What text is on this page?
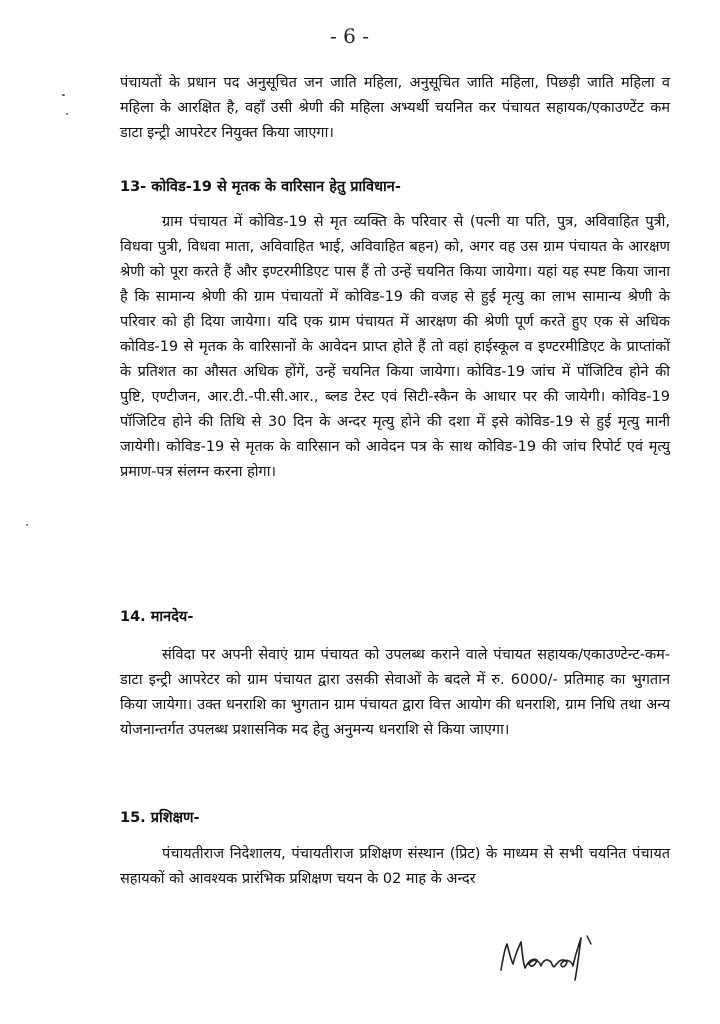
- 6 -

पंचायतों के प्रधान पद अनुसूचित जन जाति महिला, अनुसूचित जाति महिला, पिछड़ी जाति महिला व महिला के आरक्षित है, वहाँ उसी श्रेणी की महिला अभ्यर्थी चयनित कर पंचायत सहायक/एकाउण्टेंट कम डाटा इन्ट्री आपरेटर नियुक्त किया जाएगा।

13- कोविड-19 से मृतक के वारिसान हेतु प्राविधान-

ग्राम पंचायत में कोविड-19 से मृत व्यक्ति के परिवार से (पत्नी या पति, पुत्र, अविवाहित पुत्री, विधवा पुत्री, विधवा माता, अविवाहित भाई, अविवाहित बहन) को, अगर वह उस ग्राम पंचायत के आरक्षण श्रेणी को पूरा करते हैं और इण्टरमीडिएट पास हैं तो उन्हें चयनित किया जायेगा। यहां यह स्पष्ट किया जाना है कि सामान्य श्रेणी की ग्राम पंचायतों में कोविड-19 की वजह से हुई मृत्यु का लाभ सामान्य श्रेणी के परिवार को ही दिया जायेगा। यदि एक ग्राम पंचायत में आरक्षण की श्रेणी पूर्ण करते हुए एक से अधिक कोविड-19 से मृतक के वारिसानों के आवेदन प्राप्त होते हैं तो वहां हाईस्कूल व इण्टरमीडिएट के प्राप्तांकों के प्रतिशत का औसत अधिक होंगें, उन्हें चयनित किया जायेगा। कोविड-19 जांच में पॉजिटिव होने की पुष्टि, एण्टीजन, आर.टी.-पी.सी.आर., ब्लड टेस्ट एवं सिटी-स्कैन के आधार पर की जायेगी। कोविड-19 पॉजिटिव होने की तिथि से 30 दिन के अन्दर मृत्यु होने की दशा में इसे कोविड-19 से हुई मृत्यु मानी जायेगी। कोविड-19 से मृतक के वारिसान को आवेदन पत्र के साथ कोविड-19 की जांच रिपोर्ट एवं मृत्यु प्रमाण-पत्र संलग्न करना होगा।

14. मानदेय-

संविदा पर अपनी सेवाएं ग्राम पंचायत को उपलब्ध कराने वाले पंचायत सहायक/एकाउण्टेन्ट-कम-डाटा इन्ट्री आपरेटर को ग्राम पंचायत द्वारा उसकी सेवाओं के बदले में रु. 6000/- प्रतिमाह का भुगतान किया जायेगा। उक्त धनराशि का भुगतान ग्राम पंचायत द्वारा वित्त आयोग की धनराशि, ग्राम निधि तथा अन्य योजनान्तर्गत उपलब्ध प्रशासनिक मद हेतु अनुमन्य धनराशि से किया जाएगा।

15. प्रशिक्षण-

पंचायतीराज निदेशालय, पंचायतीराज प्रशिक्षण संस्थान (प्रिट) के माध्यम से सभी चयनित पंचायत सहायकों को आवश्यक प्रारंभिक प्रशिक्षण चयन के 02 माह के अन्दर
